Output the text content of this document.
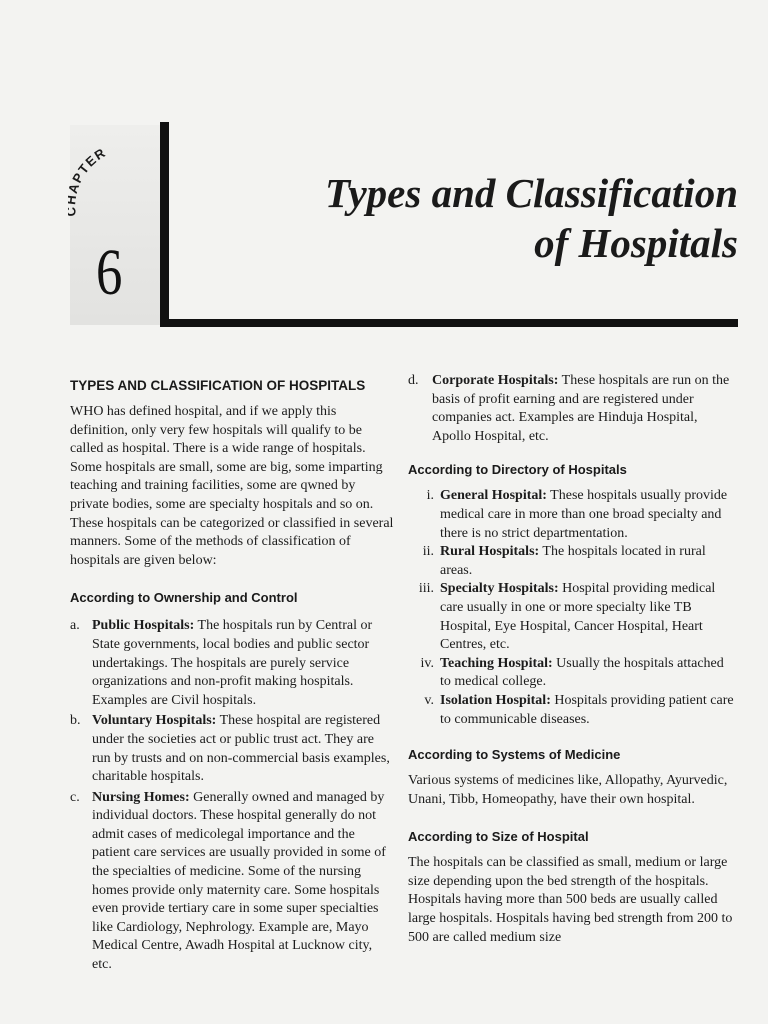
PTER
6
Types and Classification
of Hospitals
TYPES AND CLASSIFICATION OF HOSPITALS

WHO has defined hospital, and if we apply this definition, only very few hospitals will qualify to be called as hospital. There is a wide range of hospitals. Some hospitals are small, some are big, some imparting teaching and training facilities, some are qwned by private bodies, some are specialty hospitals and so on. These hospitals can be categorized or classified in several manners. Some of the methods of classification of hospitals are given below:

According to Ownership and Control
a. Public Hospitals: The hospitals run by Central or State governments, local bodies and public sector undertakings. The hospitals are purely service organizations and non-profit making hospitals. Examples are Civil hospitals.
b. Voluntary Hospitals: These hospital are registered under the societies act or public trust act. They are run by trusts and on non-commercial basis examples, charitable hospitals.
c. Nursing Homes: Generally owned and managed by individual doctors. These hospital generally do not admit cases of medicolegal importance and the patient care services are usually provided in some of the specialties of medicine. Some of the nursing homes provide only maternity care. Some hospitals even provide tertiary care in some super specialties like Cardiology, Nephrology. Example are, Mayo Medical Centre, Awadh Hospital at Lucknow city, etc.
d. Corporate Hospitals: These hospitals are run on the basis of profit earning and are registered under companies act. Examples are Hinduja Hospital, Apollo Hospital, etc.
According to Directory of Hospitals
i. General Hospital: These hospitals usually provide medical care in more than one broad specialty and there is no strict departmentation.
ii. Rural Hospitals: The hospitals located in rural areas.
iii. Specialty Hospitals: Hospital providing medical care usually in one or more specialty like TB Hospital, Eye Hospital, Cancer Hospital, Heart Centres, etc.
iv. Teaching Hospital: Usually the hospitals attached to medical college.
v. Isolation Hospital: Hospitals providing patient care to communicable diseases.
According to Systems of Medicine

Various systems of medicines like, Allopathy, Ayurvedic, Unani, Tibb, Homeopathy, have their own hospital.

According to Size of Hospital

The hospitals can be classified as small, medium or large size depending upon the bed strength of the hospitals. Hospitals having more than 500 beds are usually called large hospitals. Hospitals having bed strength from 200 to 500 are called medium size
